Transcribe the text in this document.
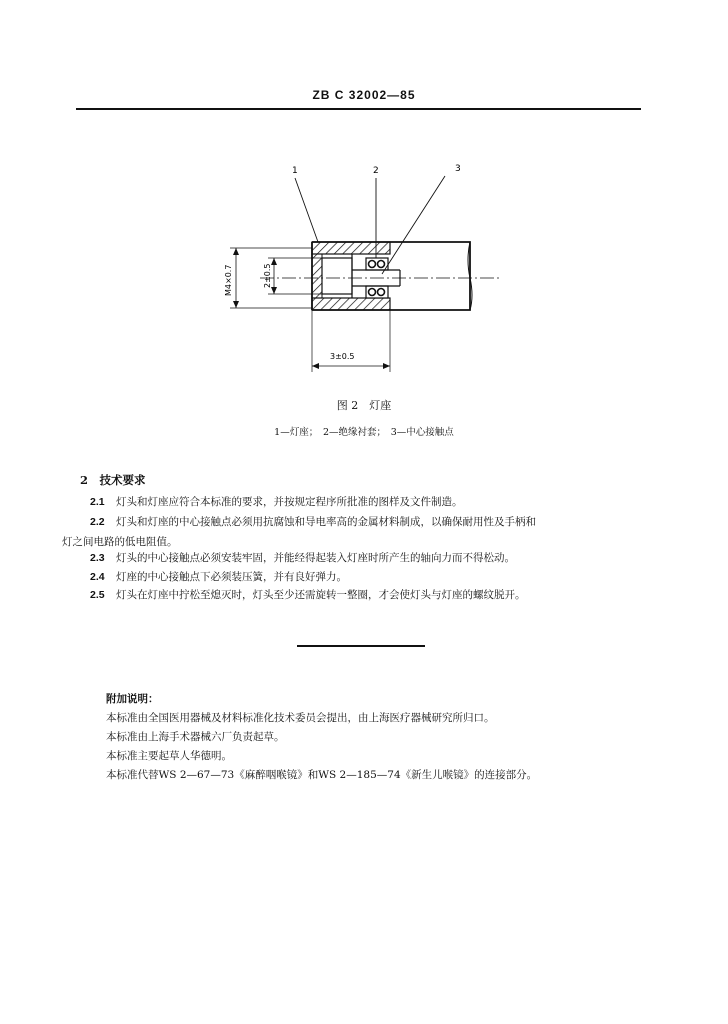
ZB C 32002—85
1	2	3
M4×0.7	2±0.5
3±0.5
图 2　灯座
1—灯座；　2—绝缘衬套；　3—中心接触点
2　技术要求
2.1 灯头和灯座应符合本标准的要求，并按规定程序所批准的图样及文件制造。
2.2 灯头和灯座的中心接触点必须用抗腐蚀和导电率高的金属材料制成，以确保耐用性及手柄和
灯之间电路的低电阻值。
2.3 灯头的中心接触点必须安装牢固，并能经得起装入灯座时所产生的轴向力而不得松动。
2.4 灯座的中心接触点下必须装压簧，并有良好弹力。
2.5 灯头在灯座中拧松至熄灭时，灯头至少还需旋转一整圈，才会使灯头与灯座的螺纹脱开。
附加说明：
本标准由全国医用器械及材料标准化技术委员会提出，由上海医疗器械研究所归口。
本标准由上海手术器械六厂负责起草。
本标准主要起草人华德明。
本标准代替WS 2—67—73《麻醉咽喉镜》和WS 2—185—74《新生儿喉镜》的连接部分。
